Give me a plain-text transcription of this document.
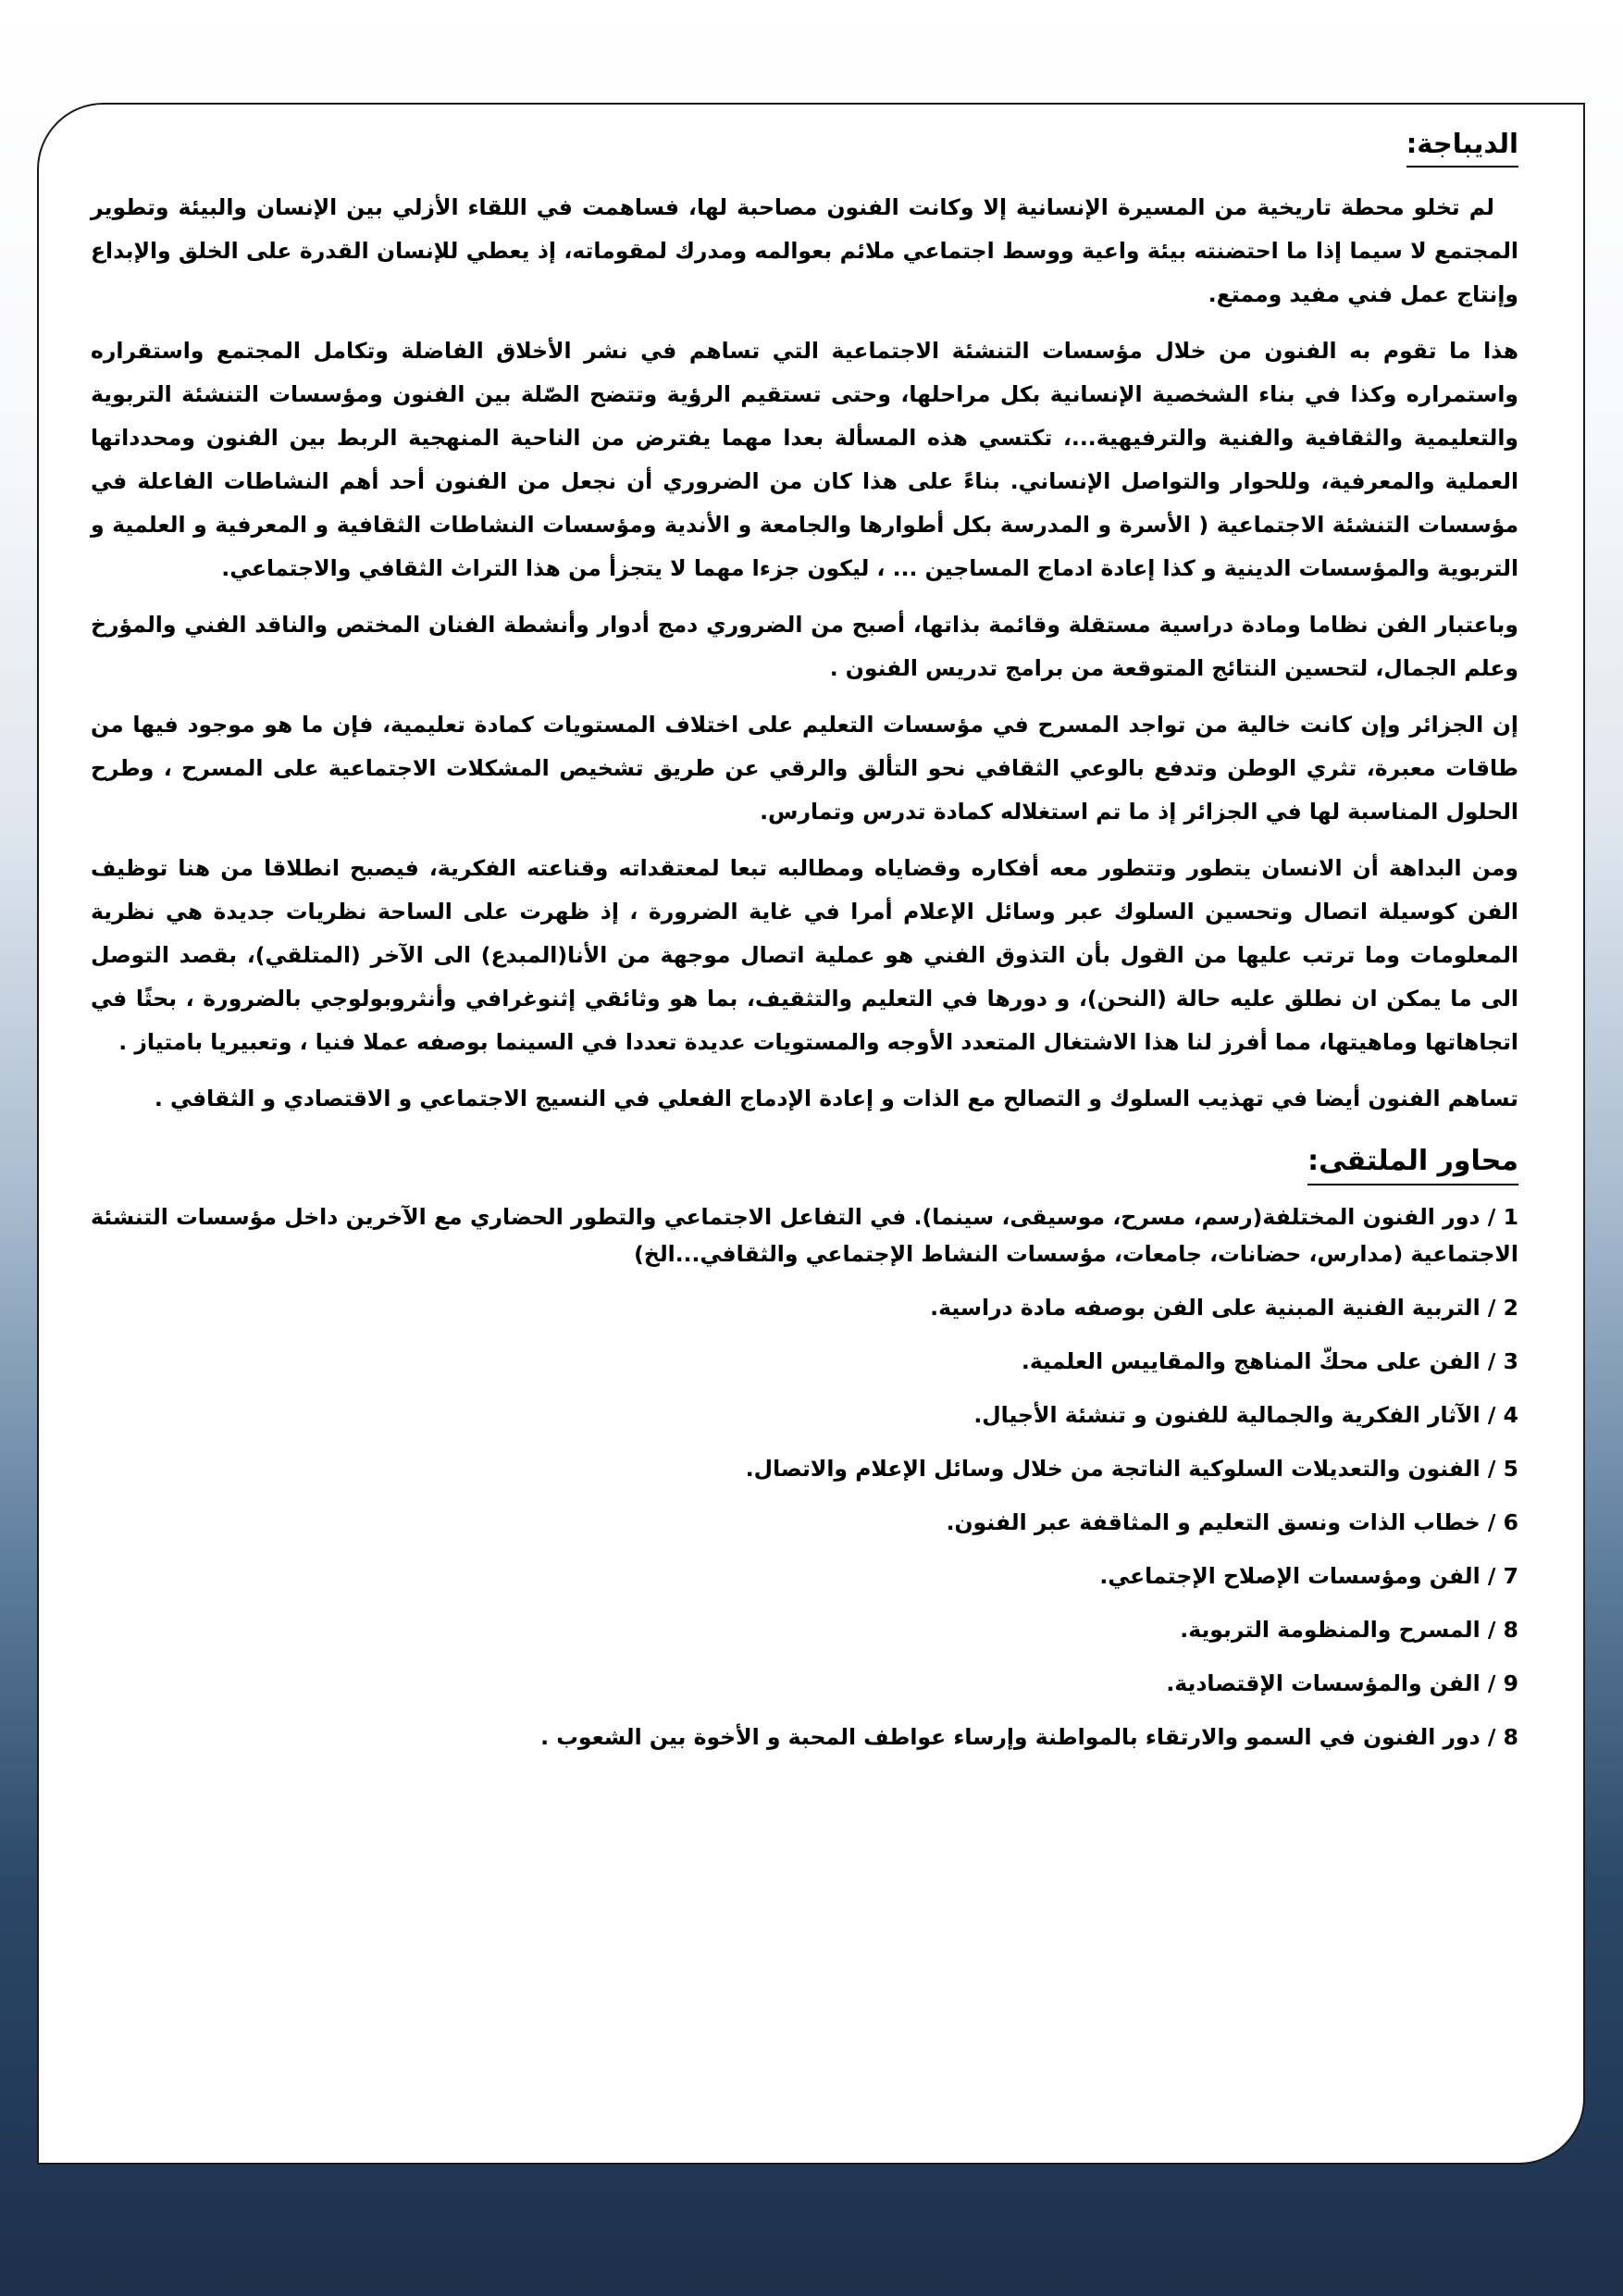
الديباجة:

لم تخلو محطة تاريخية من المسيرة الإنسانية إلا وكانت الفنون مصاحبة لها، فساهمت في اللقاء الأزلي بين الإنسان والبيئة وتطوير المجتمع لا سيما إذا ما احتضنته بيئة واعية ووسط اجتماعي ملائم بعوالمه ومدرك لمقوماته، إذ يعطي للإنسان القدرة على الخلق والإبداع وإنتاج عمل فني مفيد وممتع.

هذا ما تقوم به الفنون من خلال مؤسسات التنشئة الاجتماعية التي تساهم في نشر الأخلاق الفاضلة وتكامل المجتمع واستقراره واستمراره وكذا في بناء الشخصية الإنسانية بكل مراحلها، وحتى تستقيم الرؤية وتتضح الصّلة بين الفنون ومؤسسات التنشئة التربوية والتعليمية والثقافية والفنية والترفيهية...، تكتسي هذه المسألة بعدا مهما يفترض من الناحية المنهجية الربط بين الفنون ومحدداتها العملية والمعرفية، وللحوار والتواصل الإنساني. بناءً على هذا كان من الضروري أن نجعل من الفنون أحد أهم النشاطات الفاعلة في مؤسسات التنشئة الاجتماعية ( الأسرة و المدرسة بكل أطوارها والجامعة و الأندية ومؤسسات النشاطات الثقافية و المعرفية و العلمية و التربوية والمؤسسات الدينية و كذا إعادة ادماج المساجين ... ، ليكون جزءا مهما لا يتجزأ من هذا التراث الثقافي والاجتماعي.

وباعتبار الفن نظاما ومادة دراسية مستقلة وقائمة بذاتها، أصبح من الضروري دمج أدوار وأنشطة الفنان المختص والناقد الفني والمؤرخ وعلم الجمال، لتحسين النتائج المتوقعة من برامج تدريس الفنون .

إن الجزائر وإن كانت خالية من تواجد المسرح في مؤسسات التعليم على اختلاف المستويات كمادة تعليمية، فإن ما هو موجود فيها من طاقات معبرة، تثري الوطن وتدفع بالوعي الثقافي نحو التألق والرقي عن طريق تشخيص المشكلات الاجتماعية على المسرح ، وطرح الحلول المناسبة لها في الجزائر إذ ما تم استغلاله كمادة تدرس وتمارس.

ومن البداهة أن الانسان يتطور وتتطور معه أفكاره وقضاياه ومطالبه تبعا لمعتقداته وقناعته الفكرية، فيصبح انطلاقا من هنا توظيف الفن كوسيلة اتصال وتحسين السلوك عبر وسائل الإعلام أمرا في غاية الضرورة ، إذ ظهرت على الساحة نظريات جديدة هي نظرية المعلومات وما ترتب عليها من القول بأن التذوق الفني هو عملية اتصال موجهة من الأنا(المبدع) الى الآخر (المتلقي)، بقصد التوصل الى ما يمكن ان نطلق عليه حالة (النحن)، و دورها في التعليم والتثقيف، بما هو وثائقي إثنوغرافي وأنثروبولوجي بالضرورة ، بحثًا في اتجاهاتها وماهيتها، مما أفرز لنا هذا الاشتغال المتعدد الأوجه والمستويات عديدة تعددا في السينما بوصفه عملا فنيا ، وتعبيريا بامتياز .

تساهم الفنون أيضا في تهذيب السلوك و التصالح مع الذات و إعادة الإدماج الفعلي في النسيج الاجتماعي و الاقتصادي و الثقافي .

محاور الملتقى:
1 / دور الفنون المختلفة(رسم، مسرح، موسيقى، سينما). في التفاعل الاجتماعي والتطور الحضاري مع الآخرين داخل مؤسسات التنشئة الاجتماعية (مدارس، حضانات، جامعات، مؤسسات النشاط الإجتماعي والثقافي...الخ)
2 / التربية الفنية المبنية على الفن بوصفه مادة دراسية.
3 / الفن على محكّ المناهج والمقاييس العلمية.
4 / الآثار الفكرية والجمالية للفنون و تنشئة الأجيال.
5 / الفنون والتعديلات السلوكية الناتجة من خلال وسائل الإعلام والاتصال.
6 / خطاب الذات ونسق التعليم و المثاقفة عبر الفنون.
7 / الفن ومؤسسات الإصلاح الإجتماعي.
8 / المسرح والمنظومة التربوية.
9 / الفن والمؤسسات الإقتصادية.
8 / دور الفنون في السمو والارتقاء بالمواطنة وإرساء عواطف المحبة و الأخوة بين الشعوب .
